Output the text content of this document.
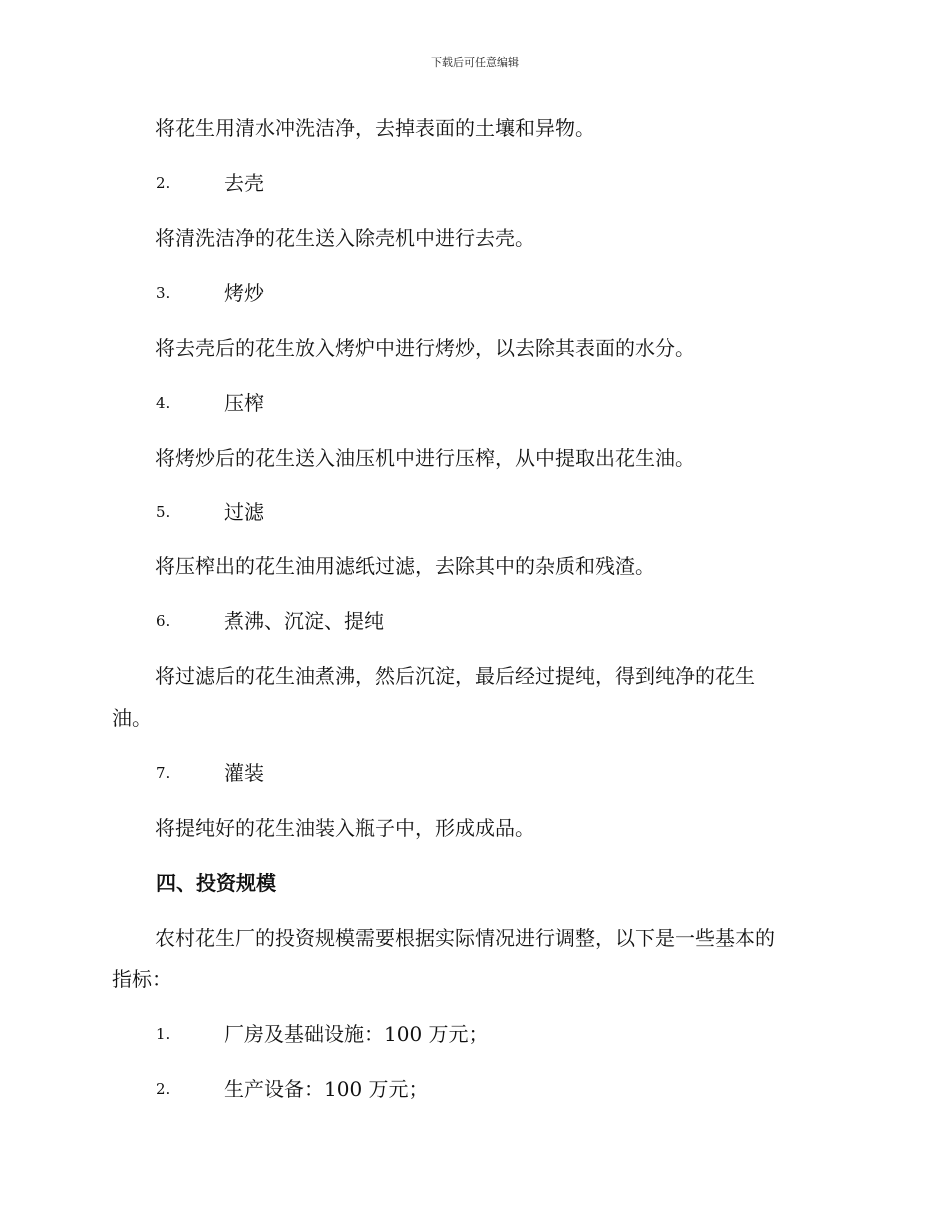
下载后可任意编辑
将花生用清水冲洗洁净，去掉表面的土壤和异物。
2.	去壳
将清洗洁净的花生送入除壳机中进行去壳。
3.	烤炒
将去壳后的花生放入烤炉中进行烤炒，以去除其表面的水分。
4.	压榨
将烤炒后的花生送入油压机中进行压榨，从中提取出花生油。
5.	过滤
将压榨出的花生油用滤纸过滤，去除其中的杂质和残渣。
6.	煮沸、沉淀、提纯
将过滤后的花生油煮沸，然后沉淀，最后经过提纯，得到纯净的花生
油。
7.	灌装
将提纯好的花生油装入瓶子中，形成成品。
四、投资规模
农村花生厂的投资规模需要根据实际情况进行调整，以下是一些基本的
指标：
1.	厂房及基础设施：100 万元；
2.	生产设备：100 万元；
